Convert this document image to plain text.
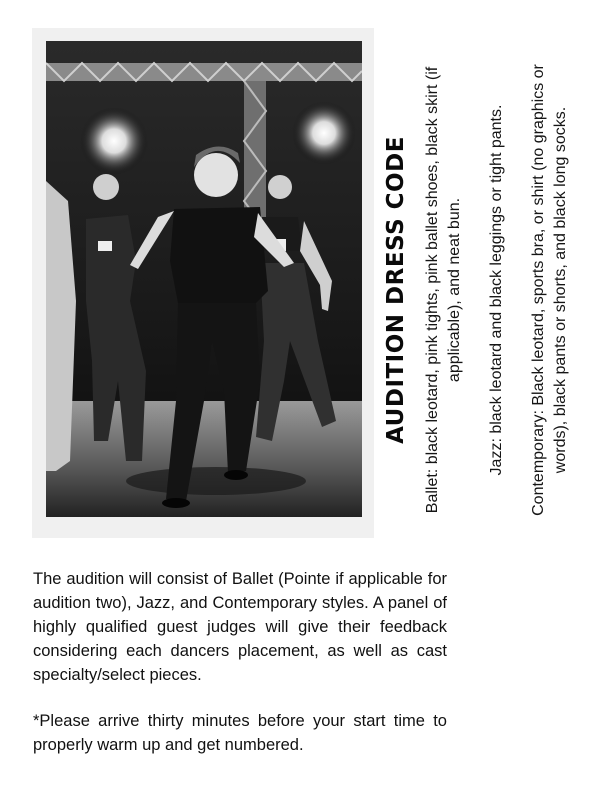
AUDITION DRESS CODE Ballet: black leotard, pink tights, pink ballet shoes, black skirt (if applicable), and neat bun. Jazz: black leotard and black leggings or tight pants. Contemporary: Black leotard, sports bra, or shirt (no graphics or words), black pants or shorts, and black long socks.

The audition will consist of Ballet (Pointe if applicable for audition two), Jazz, and Contemporary styles. A panel of highly qualified guest judges will give their feedback considering each dancers placement, as well as cast specialty/select pieces.

*Please arrive thirty minutes before your start time to properly warm up and get numbered.
